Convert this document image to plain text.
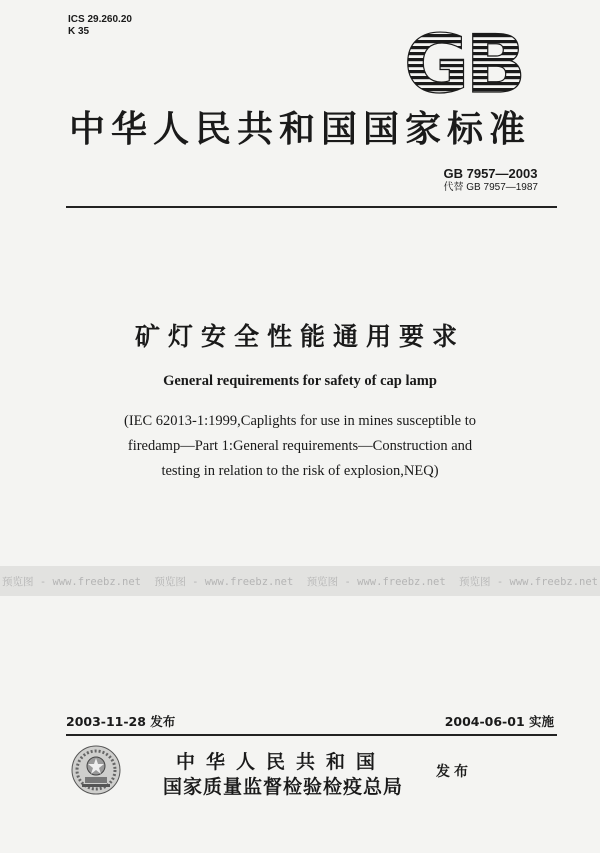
ICS 29.260.20
K 35	GB
中华人民共和国国家标准
GB 7957—2003
代替 GB 7957—1987
矿灯安全性能通用要求
General requirements for safety of cap lamp
(IEC 62013-1:1999,Caplights for use in mines susceptible to
firedamp—Part 1:General requirements—Construction and
testing in relation to the risk of explosion,NEQ)
预览图 - www.freebz.net 预览图 - www.freebz.net 预览图 - www.freebz.net 预览图 - www.freebz.net
2003-11-28 发布	2004-06-01 实施
中华人民共和国
国家质量监督检验检疫总局
发布
